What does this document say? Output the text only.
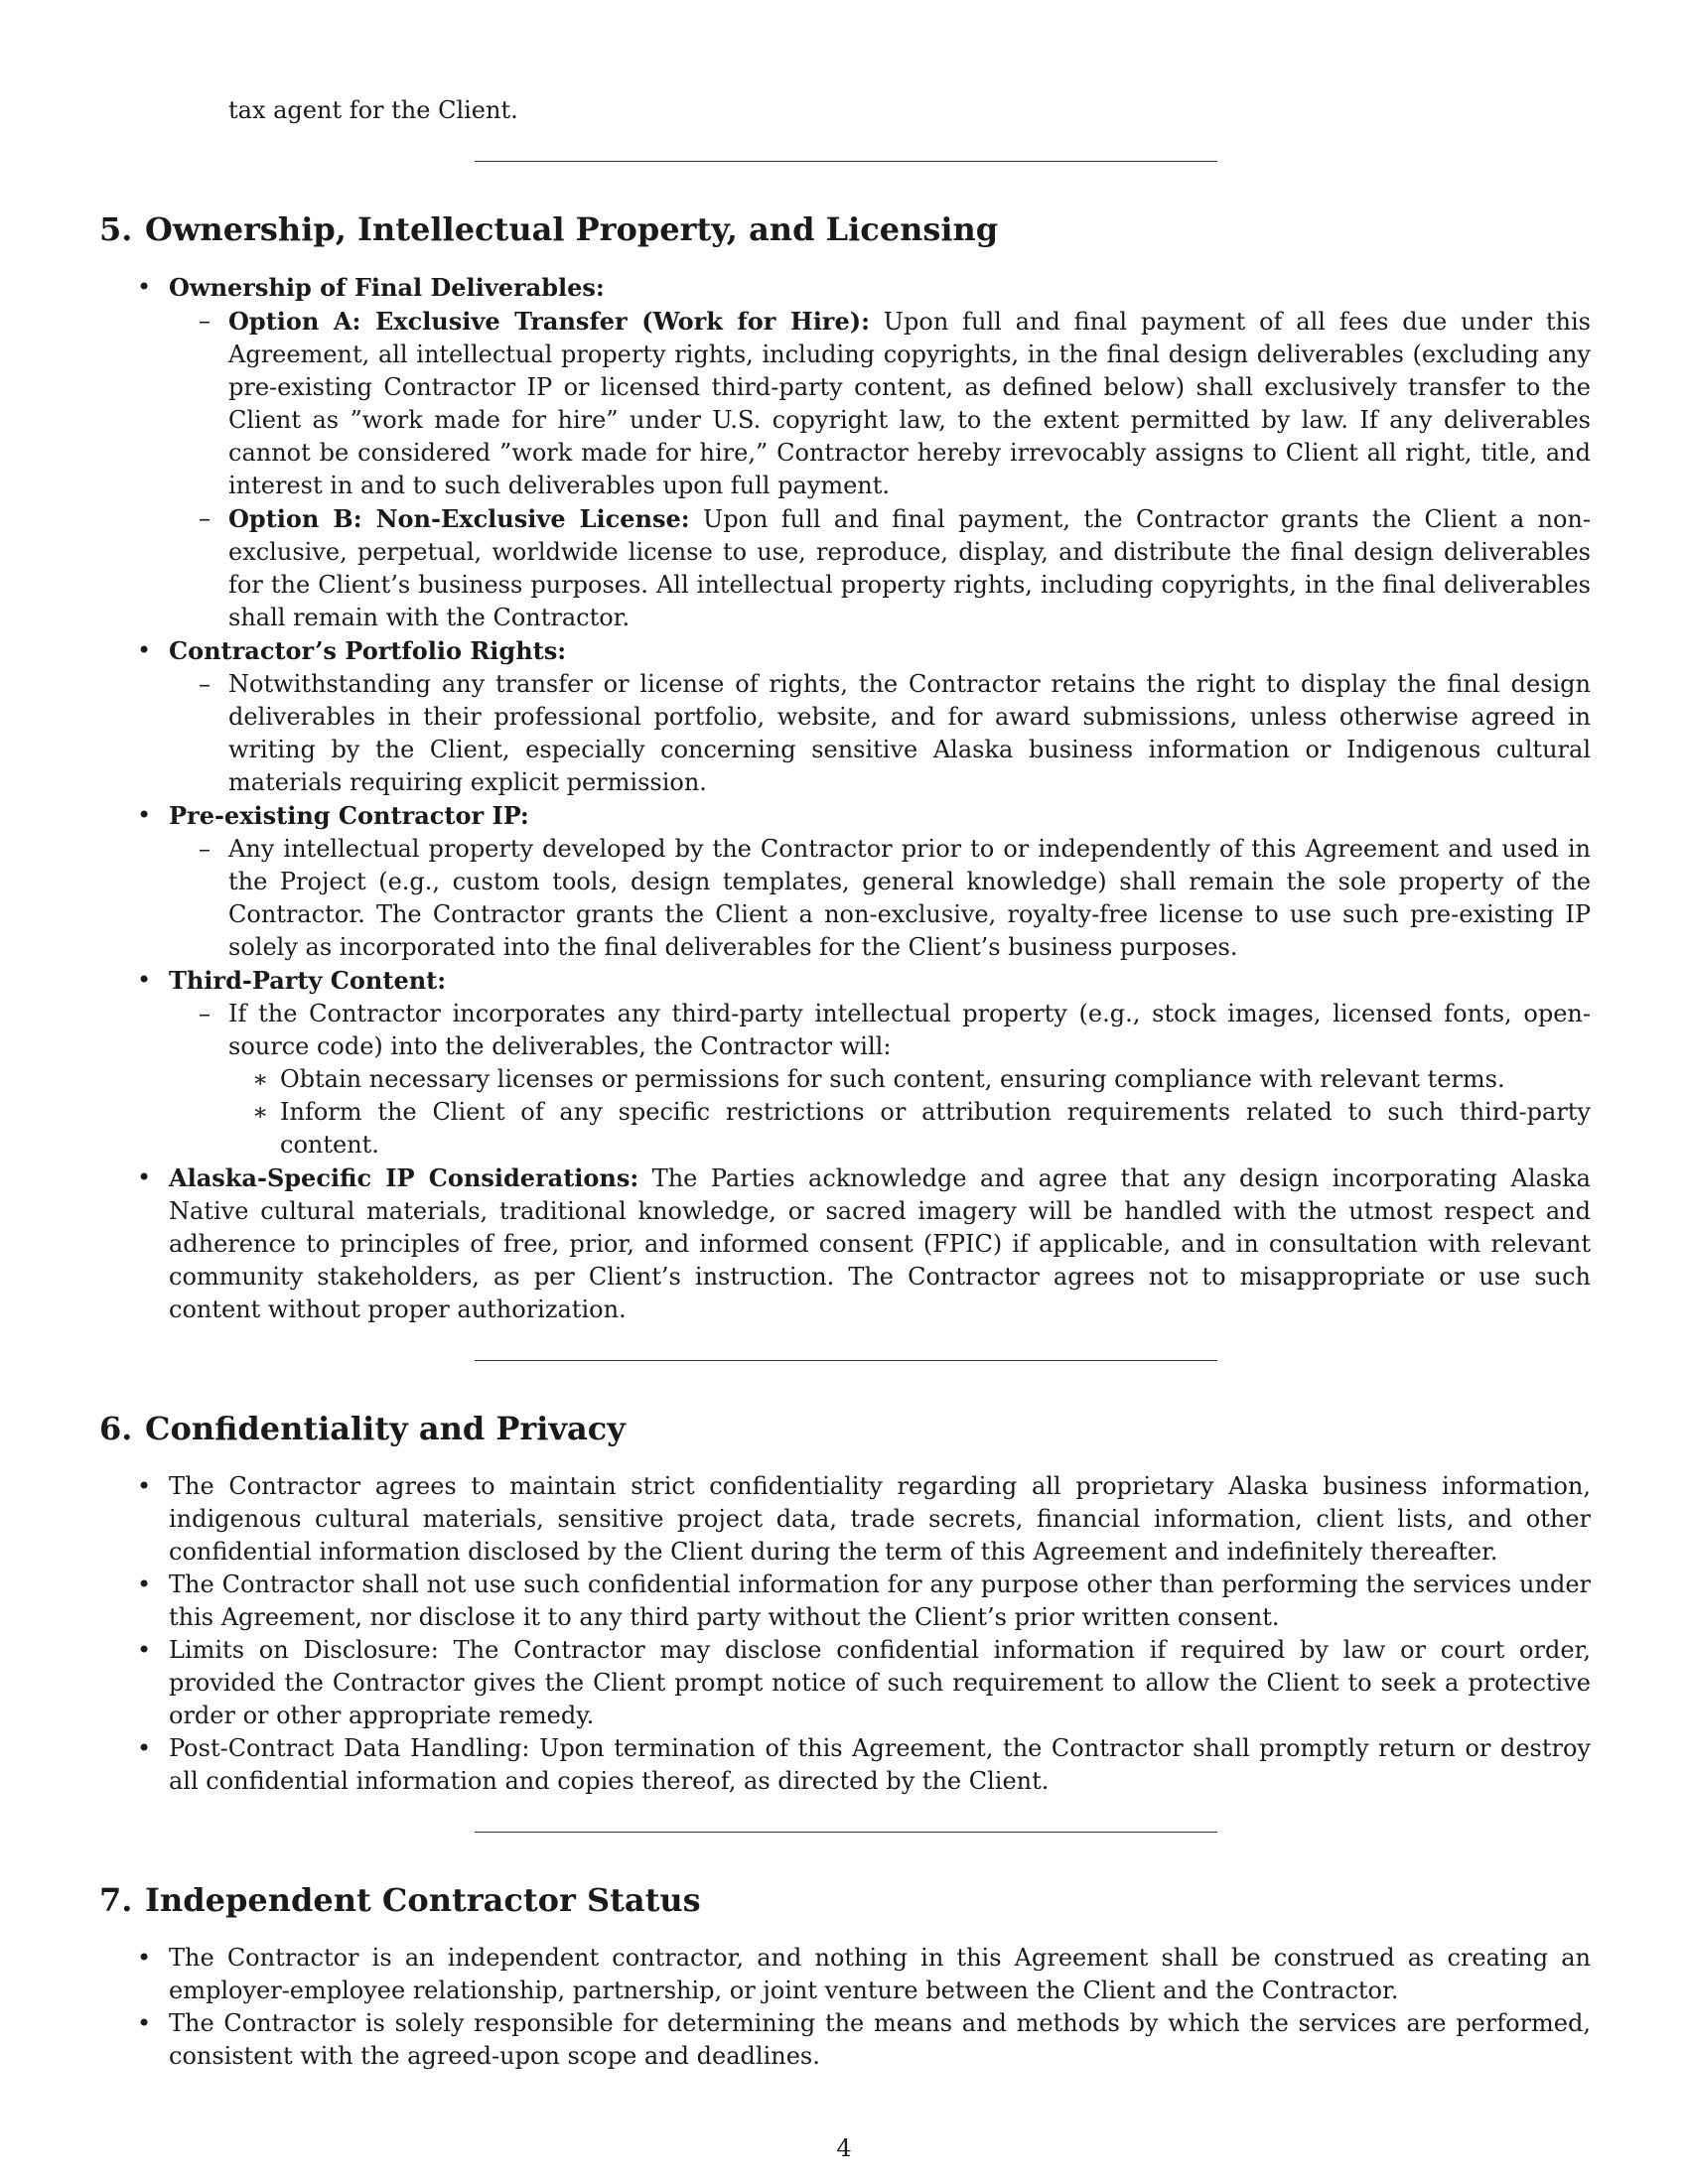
tax agent for the Client.
5. Ownership, Intellectual Property, and Licensing
• Ownership of Final Deliverables:
– Option A: Exclusive Transfer (Work for Hire): Upon full and final payment of all fees due under this Agreement, all intellectual property rights, including copyrights, in the final design deliverables (excluding any pre-existing Contractor IP or licensed third-party content, as defined below) shall exclusively transfer to the Client as ”work made for hire” under U.S. copyright law, to the extent permitted by law. If any deliverables cannot be considered ”work made for hire,” Contractor hereby irrevocably assigns to Client all right, title, and interest in and to such deliverables upon full payment.
– Option B: Non-Exclusive License: Upon full and final payment, the Contractor grants the Client a non-exclusive, perpetual, worldwide license to use, reproduce, display, and distribute the final design deliverables for the Client’s business purposes. All intellectual property rights, including copyrights, in the final deliverables shall remain with the Contractor.
• Contractor’s Portfolio Rights:
– Notwithstanding any transfer or license of rights, the Contractor retains the right to display the final design deliverables in their professional portfolio, website, and for award submissions, unless otherwise agreed in writing by the Client, especially concerning sensitive Alaska business information or Indigenous cultural materials requiring explicit permission.
• Pre-existing Contractor IP:
– Any intellectual property developed by the Contractor prior to or independently of this Agreement and used in the Project (e.g., custom tools, design templates, general knowledge) shall remain the sole property of the Contractor. The Contractor grants the Client a non-exclusive, royalty-free license to use such pre-existing IP solely as incorporated into the final deliverables for the Client’s business purposes.
• Third-Party Content:
– If the Contractor incorporates any third-party intellectual property (e.g., stock images, licensed fonts, open-source code) into the deliverables, the Contractor will:
∗ Obtain necessary licenses or permissions for such content, ensuring compliance with relevant terms.
∗ Inform the Client of any specific restrictions or attribution requirements related to such third-party content.
• Alaska-Specific IP Considerations: The Parties acknowledge and agree that any design incorporating Alaska Native cultural materials, traditional knowledge, or sacred imagery will be handled with the utmost respect and adherence to principles of free, prior, and informed consent (FPIC) if applicable, and in consultation with relevant community stakeholders, as per Client’s instruction. The Contractor agrees not to misappropriate or use such content without proper authorization.
6. Confidentiality and Privacy
• The Contractor agrees to maintain strict confidentiality regarding all proprietary Alaska business information, indigenous cultural materials, sensitive project data, trade secrets, financial information, client lists, and other confidential information disclosed by the Client during the term of this Agreement and indefinitely thereafter.
• The Contractor shall not use such confidential information for any purpose other than performing the services under this Agreement, nor disclose it to any third party without the Client’s prior written consent.
• Limits on Disclosure: The Contractor may disclose confidential information if required by law or court order, provided the Contractor gives the Client prompt notice of such requirement to allow the Client to seek a protective order or other appropriate remedy.
• Post-Contract Data Handling: Upon termination of this Agreement, the Contractor shall promptly return or destroy all confidential information and copies thereof, as directed by the Client.
7. Independent Contractor Status
• The Contractor is an independent contractor, and nothing in this Agreement shall be construed as creating an employer-employee relationship, partnership, or joint venture between the Client and the Contractor.
• The Contractor is solely responsible for determining the means and methods by which the services are performed, consistent with the agreed-upon scope and deadlines.
4
